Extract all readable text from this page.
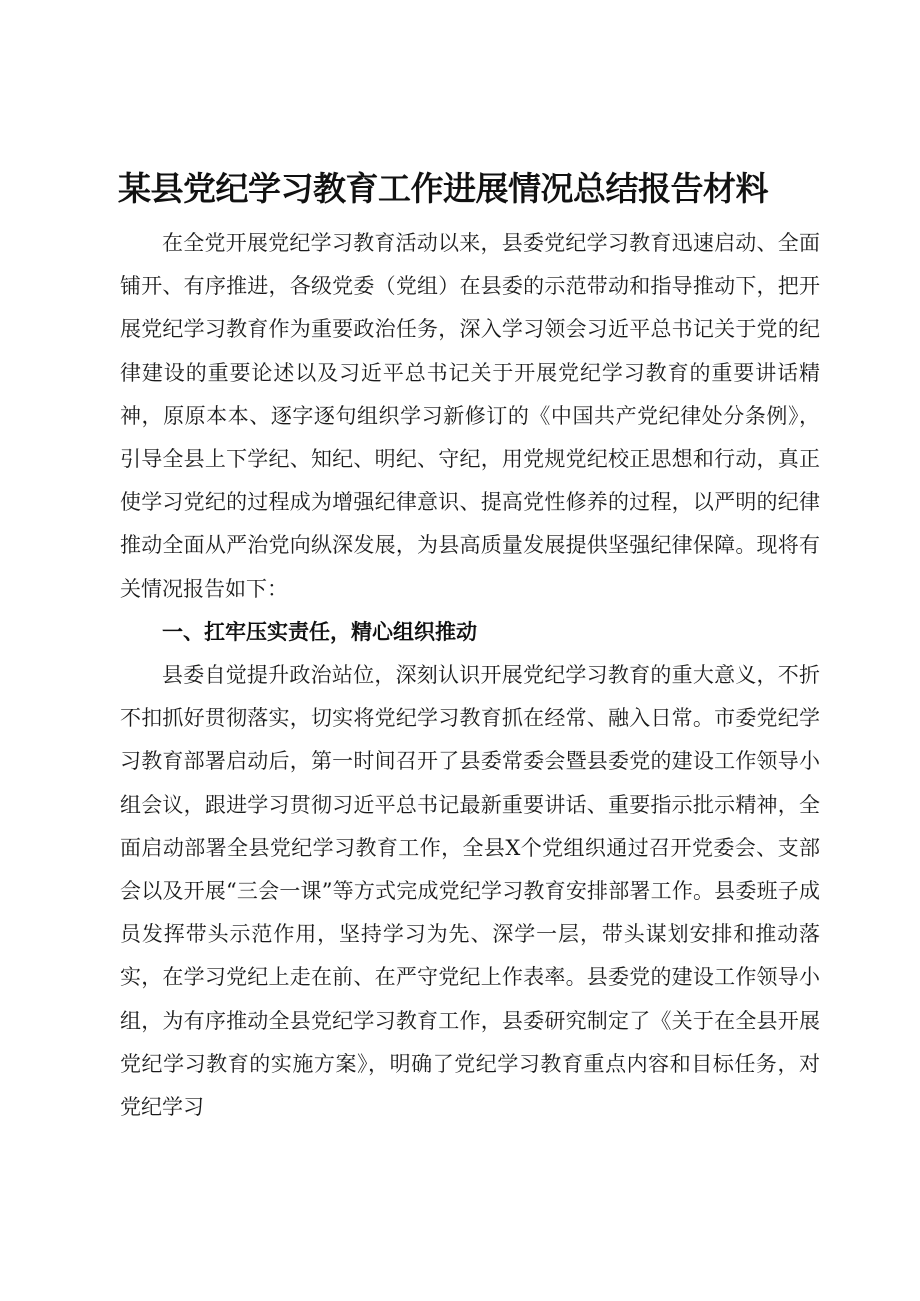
某县党纪学习教育工作进展情况总结报告材料

在全党开展党纪学习教育活动以来，县委党纪学习教育迅速启动、全面铺开、有序推进，各级党委（党组）在县委的示范带动和指导推动下，把开展党纪学习教育作为重要政治任务，深入学习领会习近平总书记关于党的纪律建设的重要论述以及习近平总书记关于开展党纪学习教育的重要讲话精神，原原本本、逐字逐句组织学习新修订的《中国共产党纪律处分条例》，引导全县上下学纪、知纪、明纪、守纪，用党规党纪校正思想和行动，真正使学习党纪的过程成为增强纪律意识、提高党性修养的过程，以严明的纪律推动全面从严治党向纵深发展，为县高质量发展提供坚强纪律保障。现将有关情况报告如下：

一、扛牢压实责任，精心组织推动

县委自觉提升政治站位，深刻认识开展党纪学习教育的重大意义，不折不扣抓好贯彻落实，切实将党纪学习教育抓在经常、融入日常。市委党纪学习教育部署启动后，第一时间召开了县委常委会暨县委党的建设工作领导小组会议，跟进学习贯彻习近平总书记最新重要讲话、重要指示批示精神，全面启动部署全县党纪学习教育工作，全县X个党组织通过召开党委会、支部会以及开展“三会一课”等方式完成党纪学习教育安排部署工作。县委班子成员发挥带头示范作用，坚持学习为先、深学一层，带头谋划安排和推动落实，在学习党纪上走在前、在严守党纪上作表率。县委党的建设工作领导小组，为有序推动全县党纪学习教育工作，县委研究制定了《关于在全县开展党纪学习教育的实施方案》，明确了党纪学习教育重点内容和目标任务，对党纪学习
